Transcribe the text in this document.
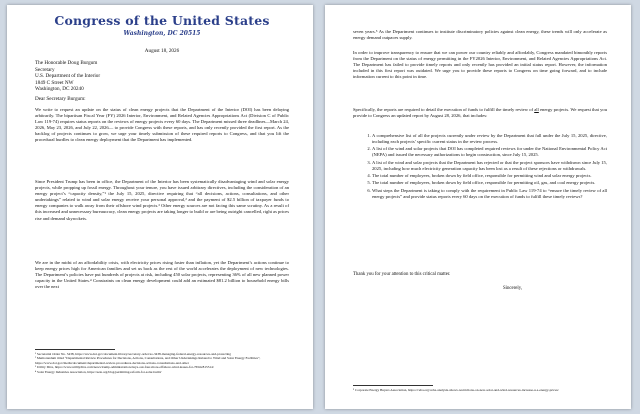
Congress of the United States
Washington, DC 20515
August 18, 2026
The Honorable Doug Burgum
Secretary
U.S. Department of the Interior
1849 C Street NW
Washington, DC 20240
Dear Secretary Burgum:

We write to request an update on the status of clean energy projects that the Department of the Interior (DOI) has been delaying arbitrarily. The bipartisan Fiscal Year (FY) 2026 Interior, Environment, and Related Agencies Appropriations Act (Division C of Public Law 119-74) requires status reports on the reviews of energy projects every 60 days. The Department missed three deadlines—March 24, 2026, May 23, 2026, and July 22, 2026— to provide Congress with these reports, and has only recently provided the first report. As the backlog of projects continues to grow, we urge your timely submission of these required reports to Congress, and that you lift the procedural hurdles to clean energy deployment that the Department has implemented.

Since President Trump has been in office, the Department of the Interior has been systematically disadvantaging wind and solar energy projects, while propping up fossil energy. Throughout your tenure, you have issued arbitrary directives, including the consideration of an energy project’s “capacity density,”¹ the July 15, 2025, directive requiring that “all decisions, actions, consultations, and other undertakings” related to wind and solar energy receive your personal approval,² and the payment of $2.5 billion of taxpayer funds to energy companies to walk away from their offshore wind projects.³ Other energy sources are not facing this same scrutiny. As a result of this increased and unnecessary bureaucracy, clean energy projects are taking longer to build or are being outright cancelled, right as prices rise and demand skyrockets.

We are in the midst of an affordability crisis, with electricity prices rising faster than inflation, yet the Department’s actions continue to keep energy prices high for American families and set us back as the rest of the world accelerates the deployment of new technologies. The Department’s policies have put hundreds of projects at risk, including 450 solar projects, representing 36% of all new planned power capacity in the United States.⁴ Constraints on clean energy development could add an estimated $81.2 billion to household energy bills over the next

¹ Secretarial Order No. 3438, https://www.doi.gov/document-library/secretary-order/so-3438-managing-federal-energy-resources-and-protecting
² Memorandum titled “Departmental Review Procedures for Decisions, Actions, Consultations, and Other Undertakings Related to Wind and Solar Energy Facilities”,
https://www.doi.gov/media/document/departmental-review-procedures-decisions-actions-consultations-and-other
³ Utility Dive, https://www.utilitydive.com/news/trump-administration-buys-out-four-more-offshore-wind-leases-for-765m/815514/
⁴ Solar Energy Industries Association, https://seia.org/blog/permitting-reform-for-solar-build/

seven years.⁵ As the Department continues to institute discriminatory policies against clean energy, these trends will only accelerate as energy demand outpaces supply.

In order to improve transparency to ensure that we can power our country reliably and affordably, Congress mandated bimonthly reports from the Department on the status of energy permitting in the FY2026 Interior, Environment, and Related Agencies Appropriations Act. The Department has failed to provide timely reports and only recently has provided an initial status report. However, the information included in this first report was outdated. We urge you to provide these reports to Congress on time going forward, and to include information current to this point in time.

Specifically, the reports are required to detail the execution of funds to fulfill the timely review of all energy projects. We request that you provide to Congress an updated report by August 28, 2026, that includes:

1. A comprehensive list of all the projects currently under review by the Department that fall under the July 15, 2025, directive, including each projects’ specific current status in the review process.
2. A list of the wind and solar projects that DOI has completed required reviews for under the National Environmental Policy Act (NEPA) and issued the necessary authorizations to begin construction, since July 15, 2025.
3. A list of the wind and solar projects that the Department has rejected or that the project sponsors have withdrawn since July 15, 2025, including how much electricity generation capacity has been lost as a result of these rejections or withdrawals.
4. The total number of employees, broken down by field office, responsible for permitting wind and solar energy projects.
5. The total number of employees, broken down by field office, responsible for permitting oil, gas, and coal energy projects.
6. What steps the Department is taking to comply with the requirement in Public Law 119-74 to “ensure the timely review of all energy projects” and provide status reports every 60 days on the execution of funds to fulfill these timely reviews?
Thank you for your attention to this critical matter.
Sincerely,
⁵ Corporate Energy Buyers Association, https://ceba.org/ceba-analysis-shows-restrictions-on-new-solar-and-wind-resources-increase-u-s-energy-prices/
